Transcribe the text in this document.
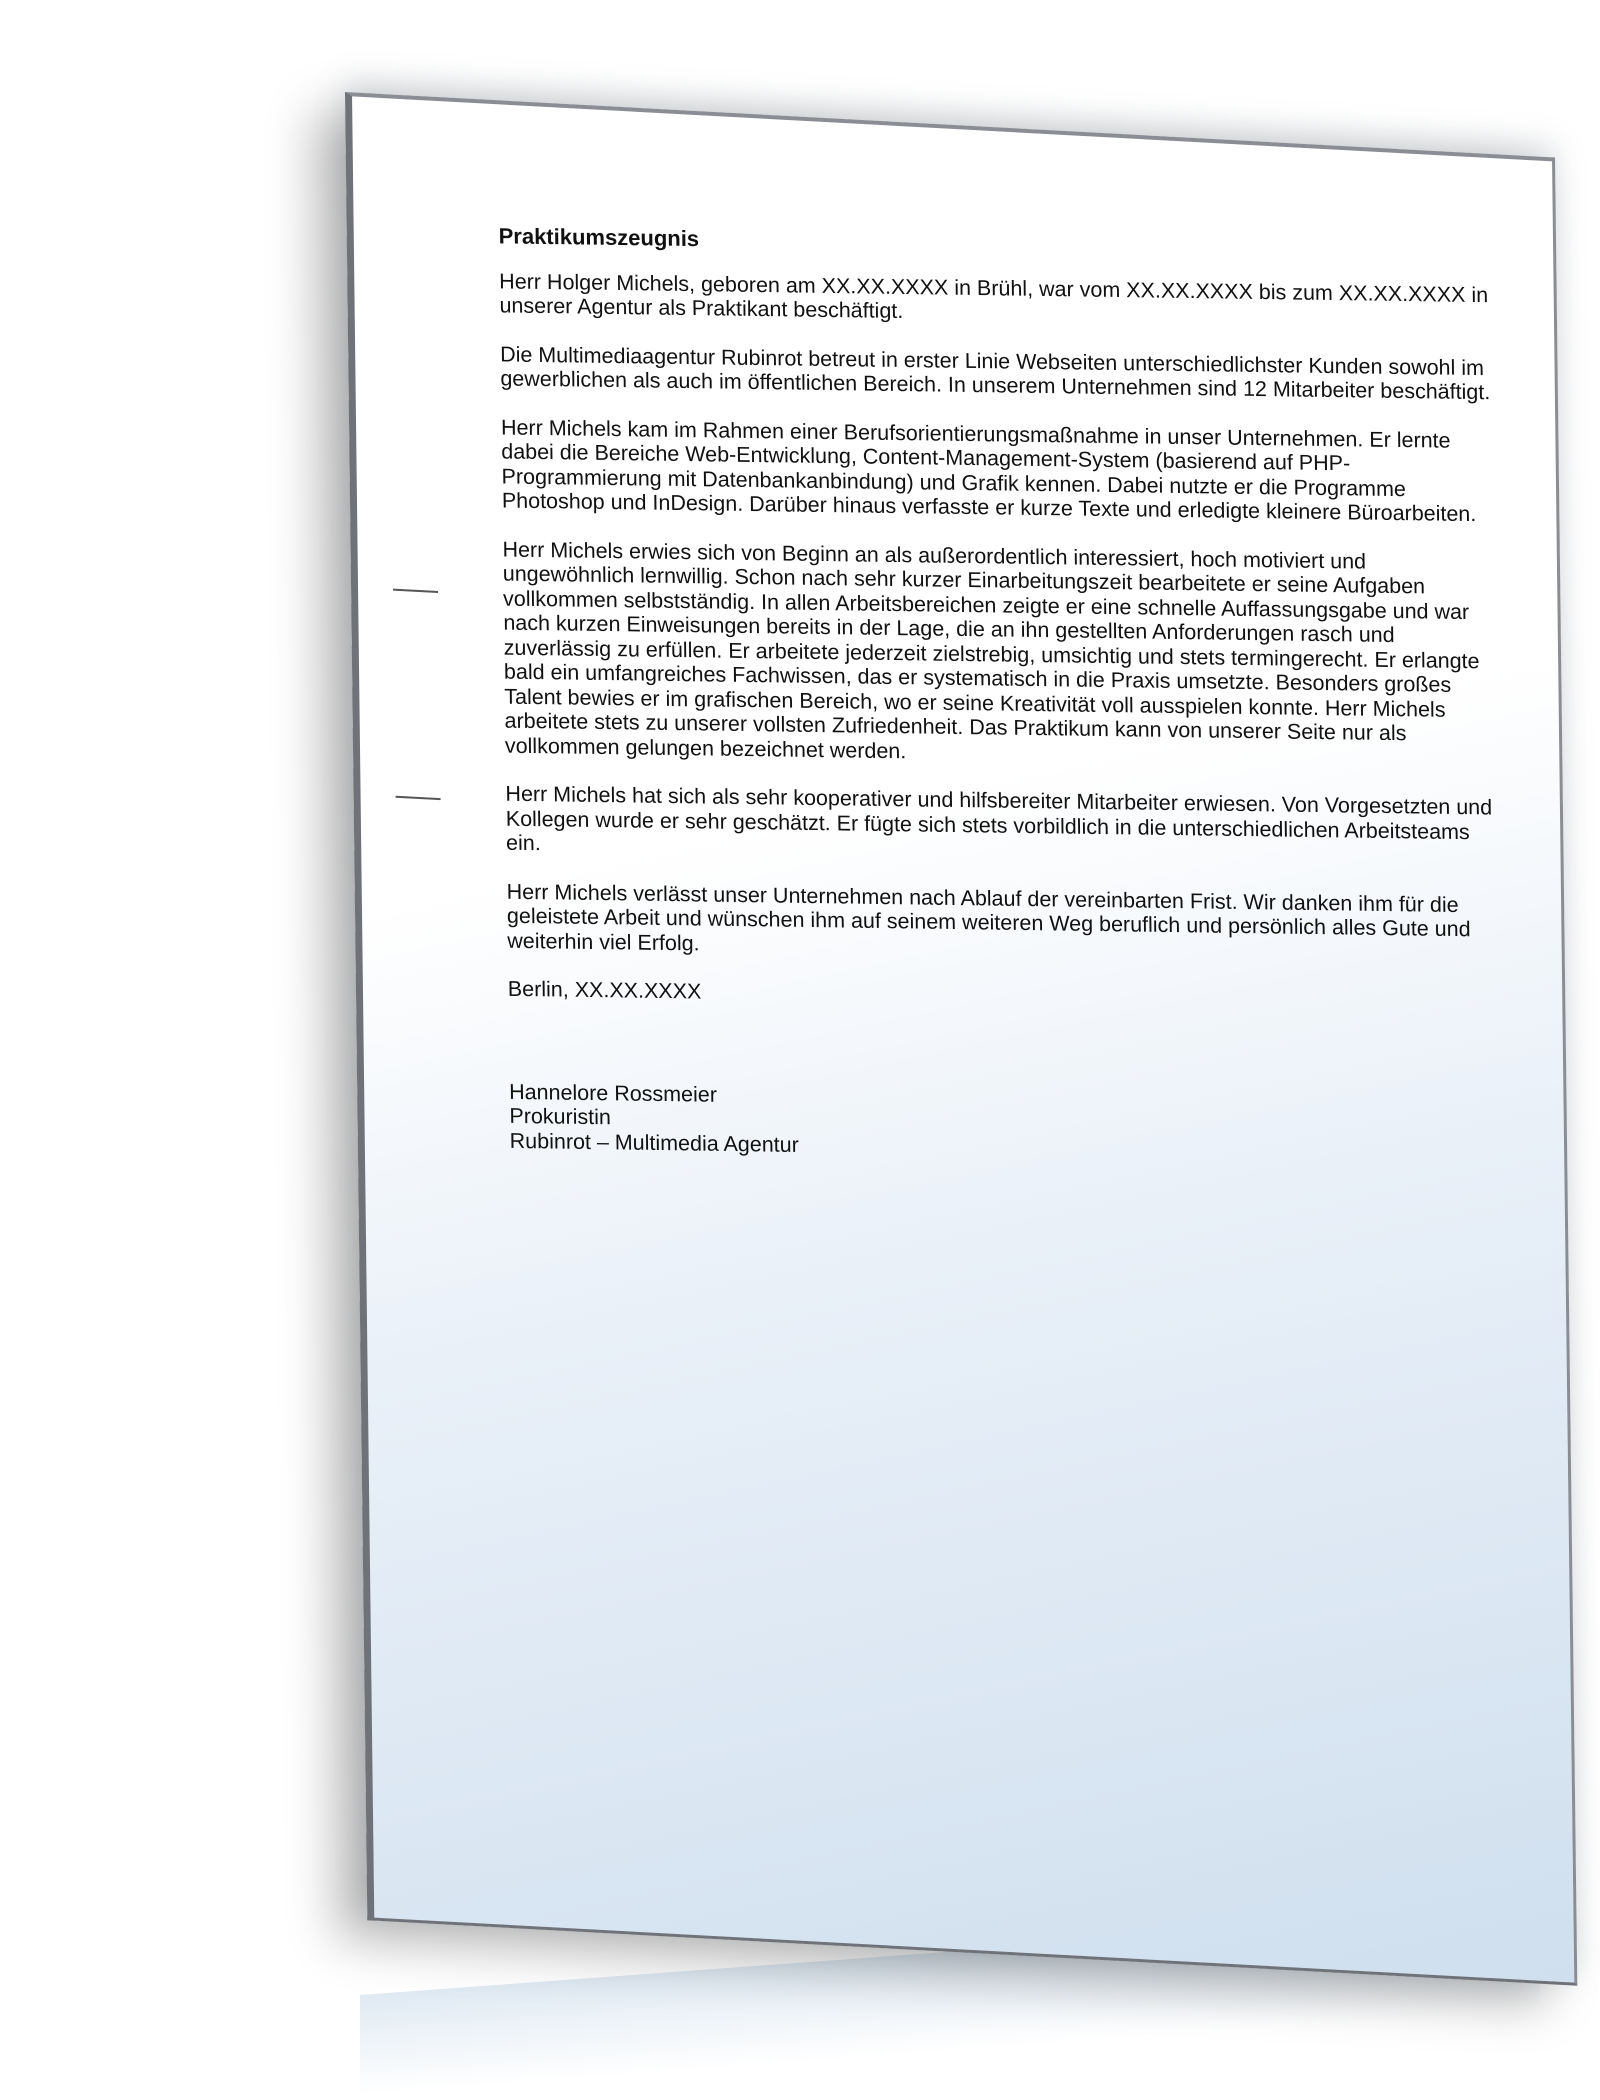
Praktikumszeugnis

Herr Holger Michels, geboren am XX.XX.XXXX in Brühl, war vom XX.XX.XXXX bis zum XX.XX.XXXX in unserer Agentur als Praktikant beschäftigt.

Die Multimediaagentur Rubinrot betreut in erster Linie Webseiten unterschiedlichster Kunden sowohl im gewerblichen als auch im öffentlichen Bereich. In unserem Unternehmen sind 12 Mitarbeiter beschäftigt.

Herr Michels kam im Rahmen einer Berufsorientierungsmaßnahme in unser Unternehmen. Er lernte dabei die Bereiche Web-Entwicklung, Content-Management-System (basierend auf PHP-Programmierung mit Datenbankanbindung) und Grafik kennen. Dabei nutzte er die Programme Photoshop und InDesign. Darüber hinaus verfasste er kurze Texte und erledigte kleinere Büroarbeiten.

Herr Michels erwies sich von Beginn an als außerordentlich interessiert, hoch motiviert und ungewöhnlich lernwillig. Schon nach sehr kurzer Einarbeitungszeit bearbeitete er seine Aufgaben vollkommen selbstständig. In allen Arbeitsbereichen zeigte er eine schnelle Auffassungsgabe und war nach kurzen Einweisungen bereits in der Lage, die an ihn gestellten Anforderungen rasch und zuverlässig zu erfüllen. Er arbeitete jederzeit zielstrebig, umsichtig und stets termingerecht. Er erlangte bald ein umfangreiches Fachwissen, das er systematisch in die Praxis umsetzte. Besonders großes Talent bewies er im grafischen Bereich, wo er seine Kreativität voll ausspielen konnte. Herr Michels arbeitete stets zu unserer vollsten Zufriedenheit. Das Praktikum kann von unserer Seite nur als vollkommen gelungen bezeichnet werden.

Herr Michels hat sich als sehr kooperativer und hilfsbereiter Mitarbeiter erwiesen. Von Vorgesetzten und Kollegen wurde er sehr geschätzt. Er fügte sich stets vorbildlich in die unterschiedlichen Arbeitsteams ein.

Herr Michels verlässt unser Unternehmen nach Ablauf der vereinbarten Frist. Wir danken ihm für die geleistete Arbeit und wünschen ihm auf seinem weiteren Weg beruflich und persönlich alles Gute und weiterhin viel Erfolg.

Berlin, XX.XX.XXXX

Hannelore Rossmeier
Prokuristin
Rubinrot – Multimedia Agentur
